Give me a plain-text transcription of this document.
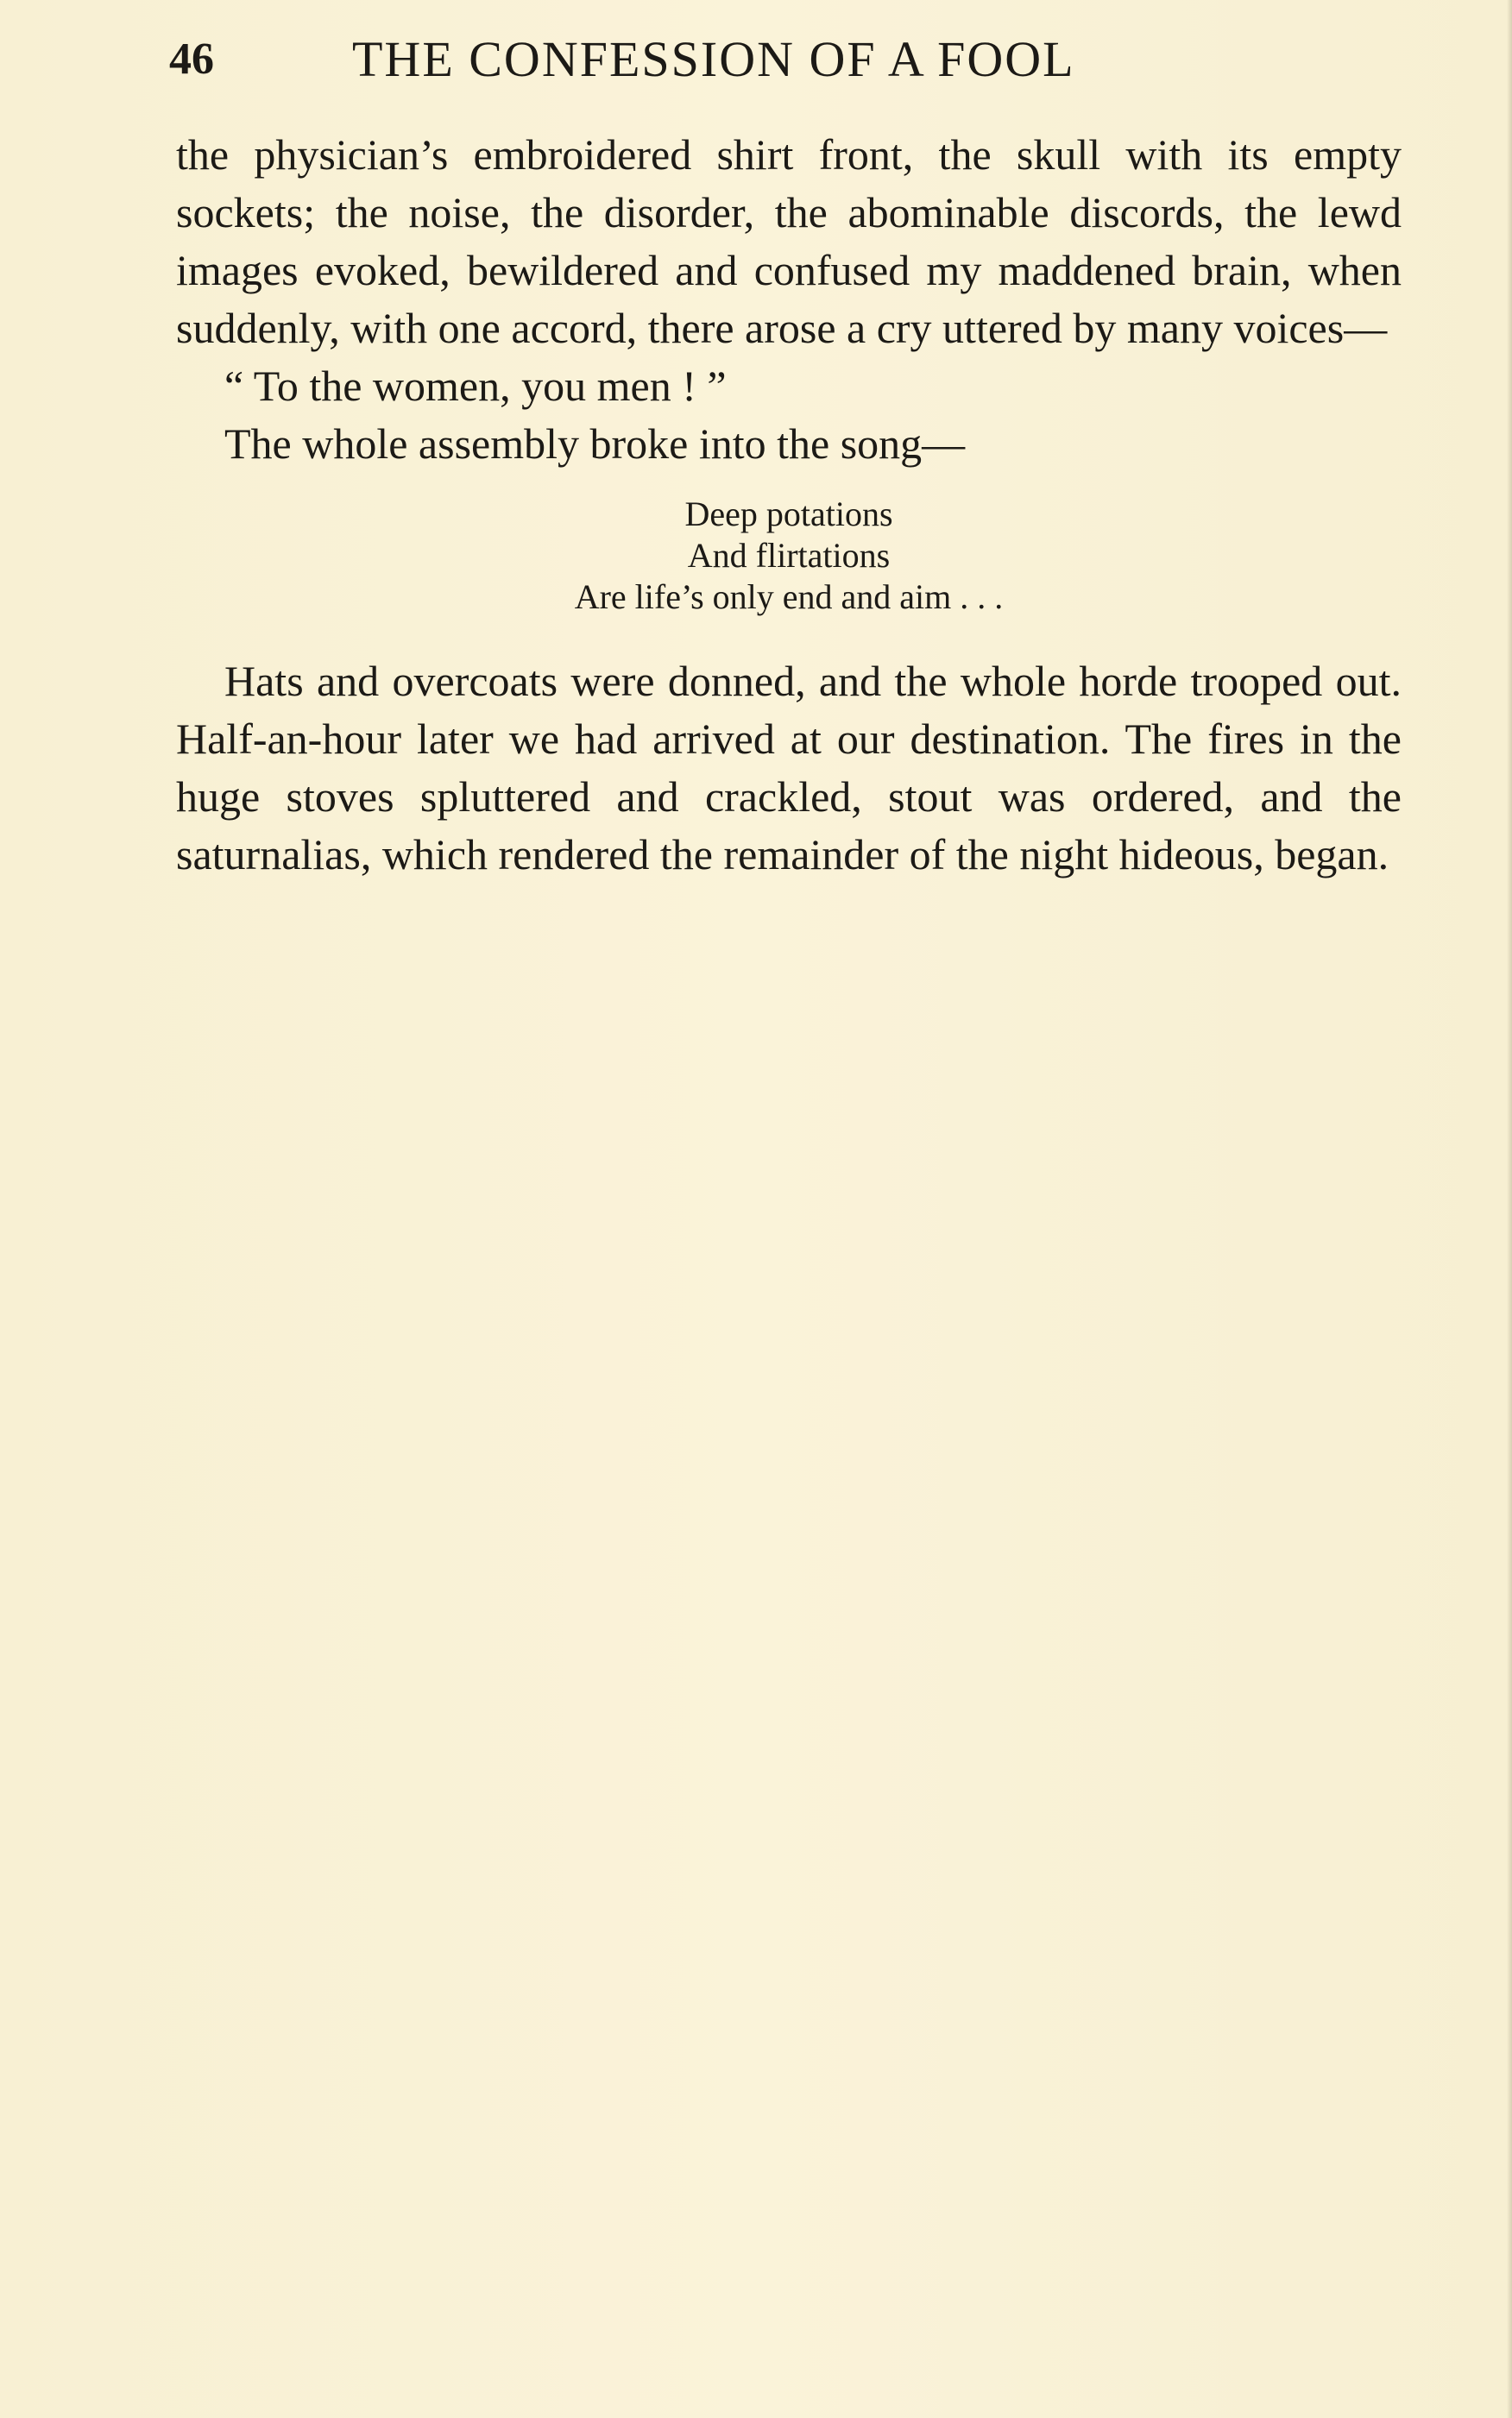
46	THE CONFESSION OF A FOOL

the physician’s embroidered shirt front, the skull with its empty sockets; the noise, the disorder, the abominable discords, the lewd images evoked, bewildered and confused my maddened brain, when suddenly, with one accord, there arose a cry uttered by many voices—

“ To the women, you men ! ”

The whole assembly broke into the song—

Deep potations
And flirtations
Are life’s only end and aim . . .

Hats and overcoats were donned, and the whole horde trooped out. Half-an-hour later we had arrived at our destination. The fires in the huge stoves spluttered and crackled, stout was ordered, and the saturnalias, which rendered the remainder of the night hideous, began.
